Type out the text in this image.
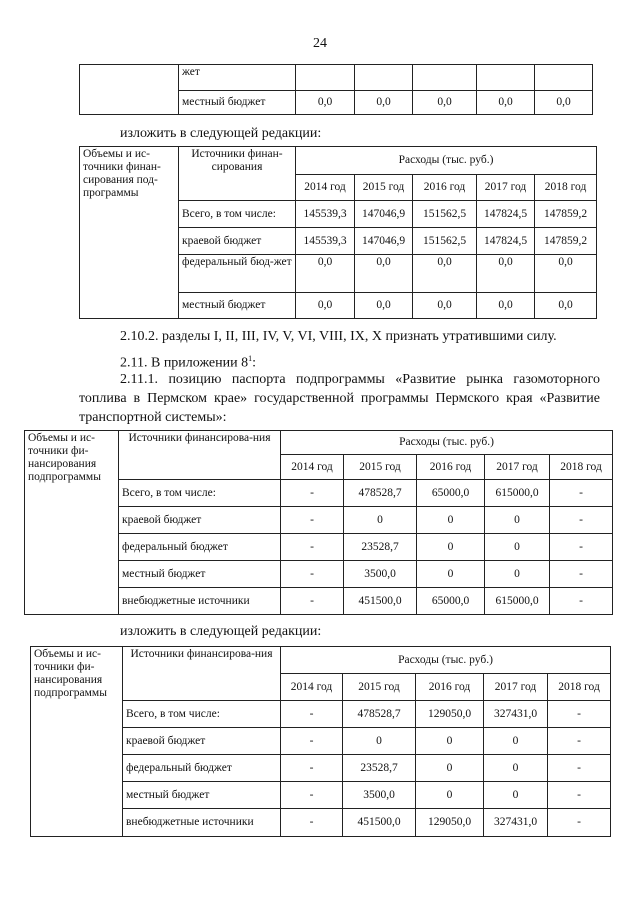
24
	жет					
	местный бюджет	0,0	0,0	0,0	0,0	0,0
изложить в следующей редакции:
Объемы и ис-точники финан-сирования под-программы	Источники финан-сирования	Расходы (тыс. руб.)				
		2014 год	2015 год	2016 год	2017 год	2018 год
	Всего, в том числе:	145539,3	147046,9	151562,5	147824,5	147859,2
	краевой бюджет	145539,3	147046,9	151562,5	147824,5	147859,2
	федеральный бюд-жет	0,0	0,0	0,0	0,0	0,0
	местный бюджет	0,0	0,0	0,0	0,0	0,0
2.10.2. разделы I, II, III, IV, V, VI, VIII, IX, X признать утратившими силу.
2.11. В приложении $8^1$:
2.11.1. позицию паспорта подпрограммы «Развитие рынка газомоторного топлива в Пермском крае» государственной программы Пермского края «Развитие транспортной системы»:
Объемы и ис-точники фи-нансирования подпрограммы	Источники финансирова-ния	Расходы (тыс. руб.)				
		2014 год	2015 год	2016 год	2017 год	2018 год
	Всего, в том числе:	-	478528,7	65000,0	615000,0	-
	краевой бюджет	-	0	0	0	-
	федеральный бюджет	-	23528,7	0	0	-
	местный бюджет	-	3500,0	0	0	-
	внебюджетные источники	-	451500,0	65000,0	615000,0	-
изложить в следующей редакции:
Объемы и ис-точники фи-нансирования подпрограммы	Источники финансирова-ния	Расходы (тыс. руб.)				
		2014 год	2015 год	2016 год	2017 год	2018 год
	Всего, в том числе:	-	478528,7	129050,0	327431,0	-
	краевой бюджет	-	0	0	0	-
	федеральный бюджет	-	23528,7	0	0	-
	местный бюджет	-	3500,0	0	0	-
	внебюджетные источники	-	451500,0	129050,0	327431,0	-
